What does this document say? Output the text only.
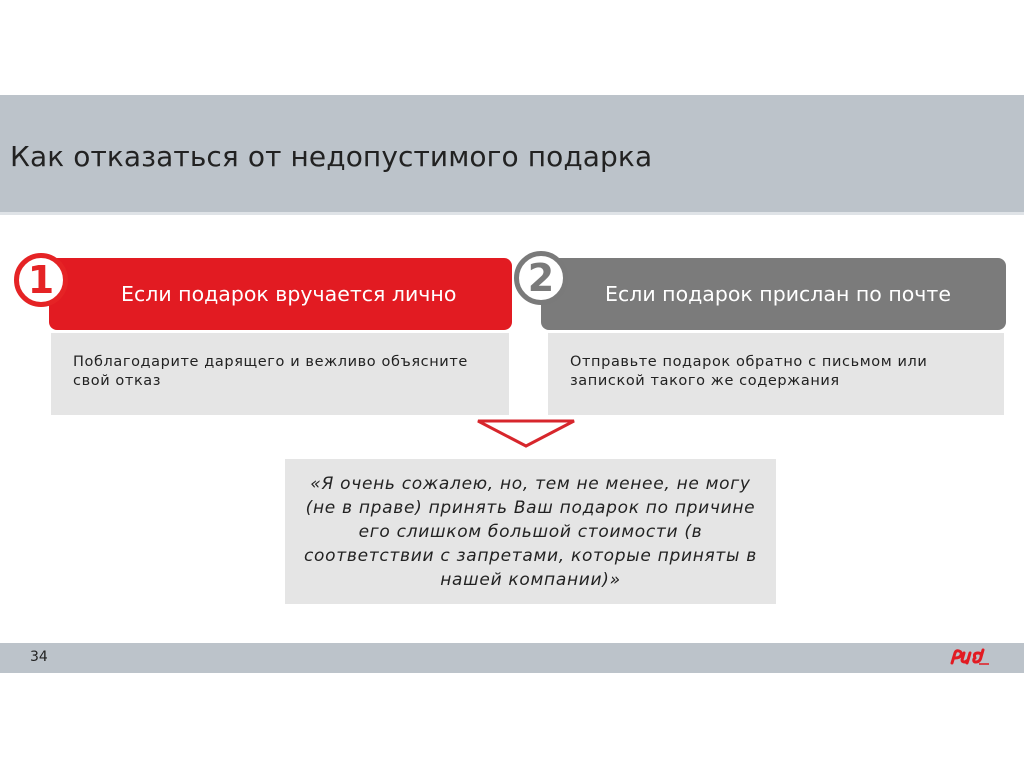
Как отказаться от недопустимого подарка
1	Если подарок вручается лично
Поблагодарите дарящего и вежливо объясните свой отказ
2	Если подарок прислан по почте
Отправьте подарок обратно с письмом или запиской такого же содержания
«Я очень сожалею, но, тем не менее, не могу (не в праве) принять Ваш подарок по причине его слишком большой стоимости (в соответствии с запретами, которые приняты в нашей компании)»
34
